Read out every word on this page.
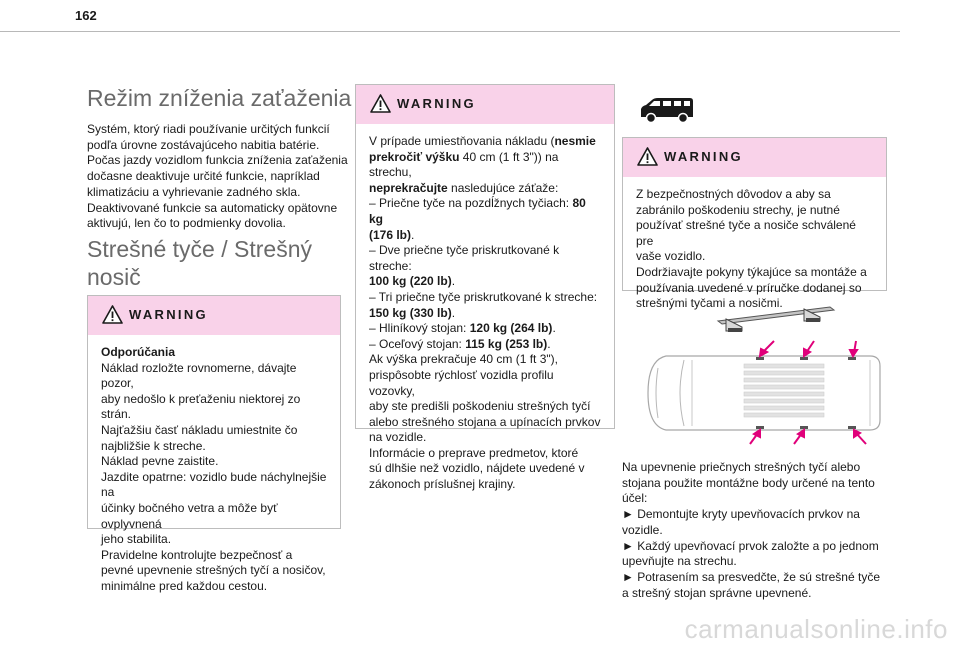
162
Režim zníženia zaťaženia

Systém, ktorý riadi používanie určitých funkcií

podľa úrovne zostávajúceho nabitia batérie.

Počas jazdy vozidlom funkcia zníženia zaťaženia

dočasne deaktivuje určité funkcie, napríklad

klimatizáciu a vyhrievanie zadného skla.

Deaktivované funkcie sa automaticky opätovne

aktivujú, len čo to podmienky dovolia.

Strešné tyče / Strešný
nosič
WARNING

Odporúčania

Náklad rozložte rovnomerne, dávajte pozor,

aby nedošlo k preťaženiu niektorej zo strán.

Najťažšiu časť nákladu umiestnite čo

najbližšie k streche.

Náklad pevne zaistite.

Jazdite opatrne: vozidlo bude náchylnejšie na

účinky bočného vetra a môže byť ovplyvnená

jeho stabilita.

Pravidelne kontrolujte bezpečnosť a

pevné upevnenie strešných tyčí a nosičov,

minimálne pred každou cestou.

WARNING

V prípade umiestňovania nákladu (nesmie

prekročiť výšku 40 cm (1 ft 3")) na strechu,

neprekračujte nasledujúce záťaže:

– Priečne tyče na pozdĺžnych tyčiach: 80 kg

(176 lb).

– Dve priečne tyče priskrutkované k streche:

100 kg (220 lb).

– Tri priečne tyče priskrutkované k streche:

150 kg (330 lb).

– Hliníkový stojan: 120 kg (264 lb).

– Oceľový stojan: 115 kg (253 lb).

Ak výška prekračuje 40 cm (1 ft 3"),

prispôsobte rýchlosť vozidla profilu vozovky,

aby ste predišli poškodeniu strešných tyčí

alebo strešného stojana a upínacích prvkov

na vozidle.

Informácie o preprave predmetov, ktoré

sú dlhšie než vozidlo, nájdete uvedené v

zákonoch príslušnej krajiny.

WARNING

Z bezpečnostných dôvodov a aby sa

zabránilo poškodeniu strechy, je nutné

používať strešné tyče a nosiče schválené pre

vaše vozidlo.

Dodržiavajte pokyny týkajúce sa montáže a

používania uvedené v príručke dodanej so

strešnými tyčami a nosičmi.

Na upevnenie priečnych strešných tyčí alebo

stojana použite montážne body určené na tento

účel:

► Demontujte kryty upevňovacích prvkov na

vozidle.

► Každý upevňovací prvok založte a po jednom

upevňujte na strechu.

► Potrasením sa presvedčte, že sú strešné tyče

a strešný stojan správne upevnené.

carmanualsonline.info
